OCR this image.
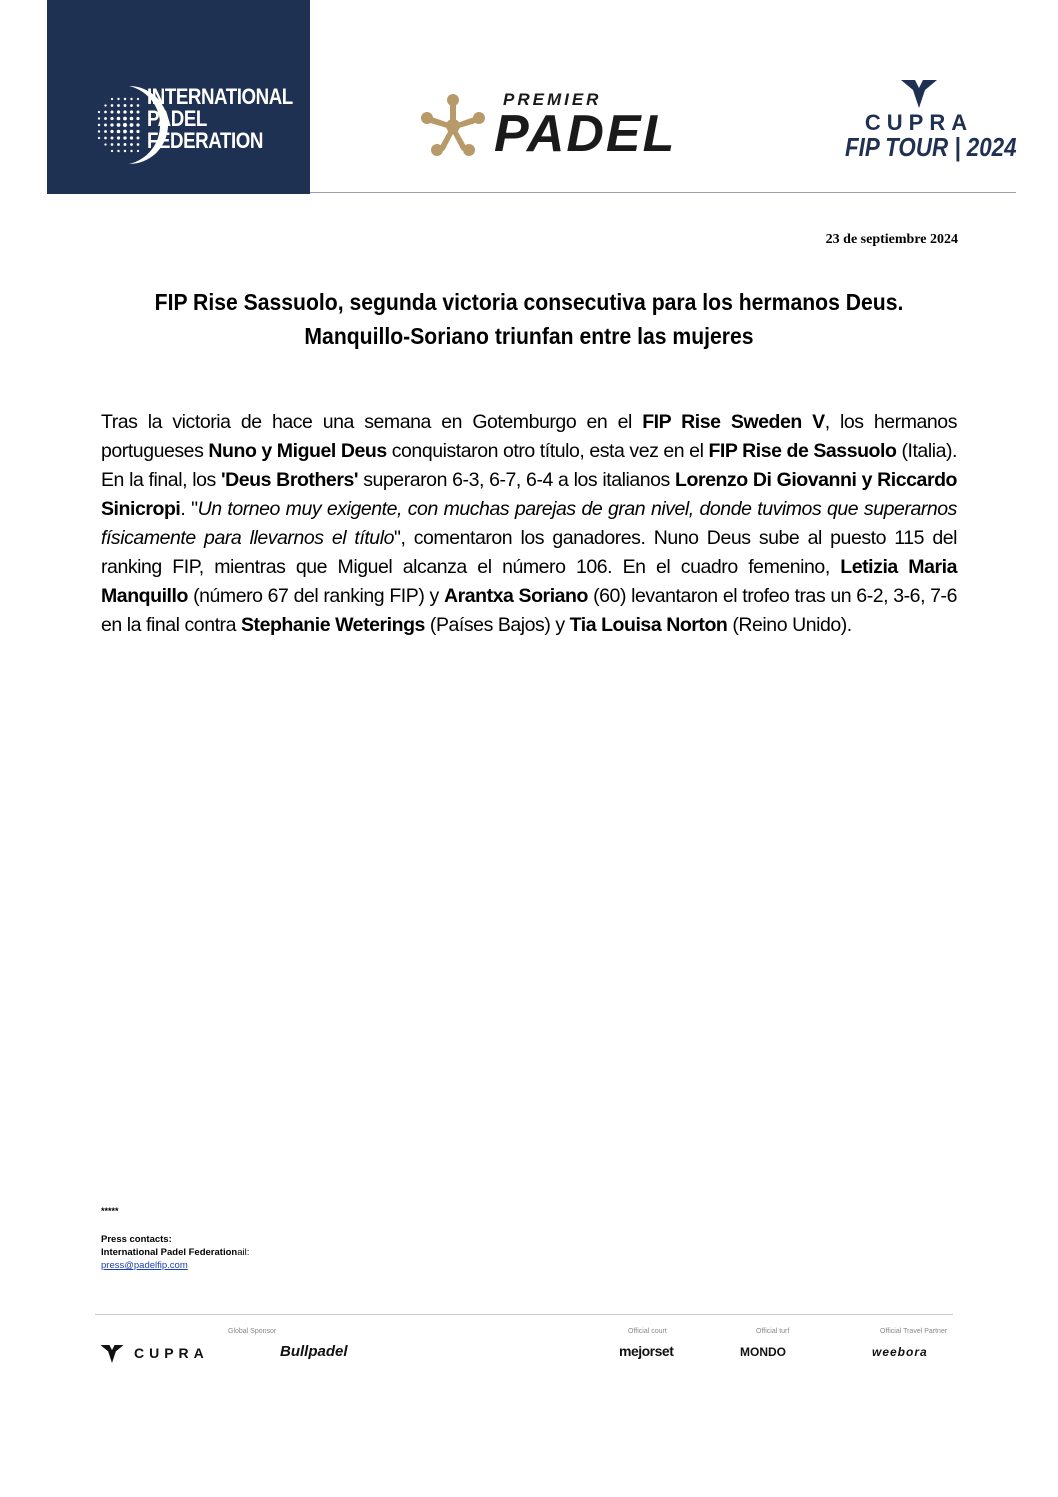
INTERNATIONAL
PADEL
FEDERATION
PREMIER
PADEL	CUPRA
FIP TOUR | 2024
23 de septiembre 2024
FIP Rise Sassuolo, segunda victoria consecutiva para los hermanos Deus.
Manquillo-Soriano triunfan entre las mujeres
Tras la victoria de hace una semana en Gotemburgo en el FIP Rise Sweden V, los hermanos portugueses Nuno y Miguel Deus conquistaron otro título, esta vez en el FIP Rise de Sassuolo (Italia). En la final, los 'Deus Brothers' superaron 6-3, 6-7, 6-4 a los italianos Lorenzo Di Giovanni y Riccardo Sinicropi. "Un torneo muy exigente, con muchas parejas de gran nivel, donde tuvimos que superarnos físicamente para llevarnos el título", comentaron los ganadores. Nuno Deus sube al puesto 115 del ranking FIP, mientras que Miguel alcanza el número 106. En el cuadro femenino, Letizia Maria Manquillo (número 67 del ranking FIP) y Arantxa Soriano (60) levantaron el trofeo tras un 6-2, 3-6, 7-6 en la final contra Stephanie Weterings (Países Bajos) y Tia Louisa Norton (Reino Unido).
*****
Press contacts:
International Padel Federationail:
press@padelfip.com
Global Sponsor	Official court	Official turf	Official Travel Partner
CUPRA	Bullpadel	mejorset	MONDO	weebora
